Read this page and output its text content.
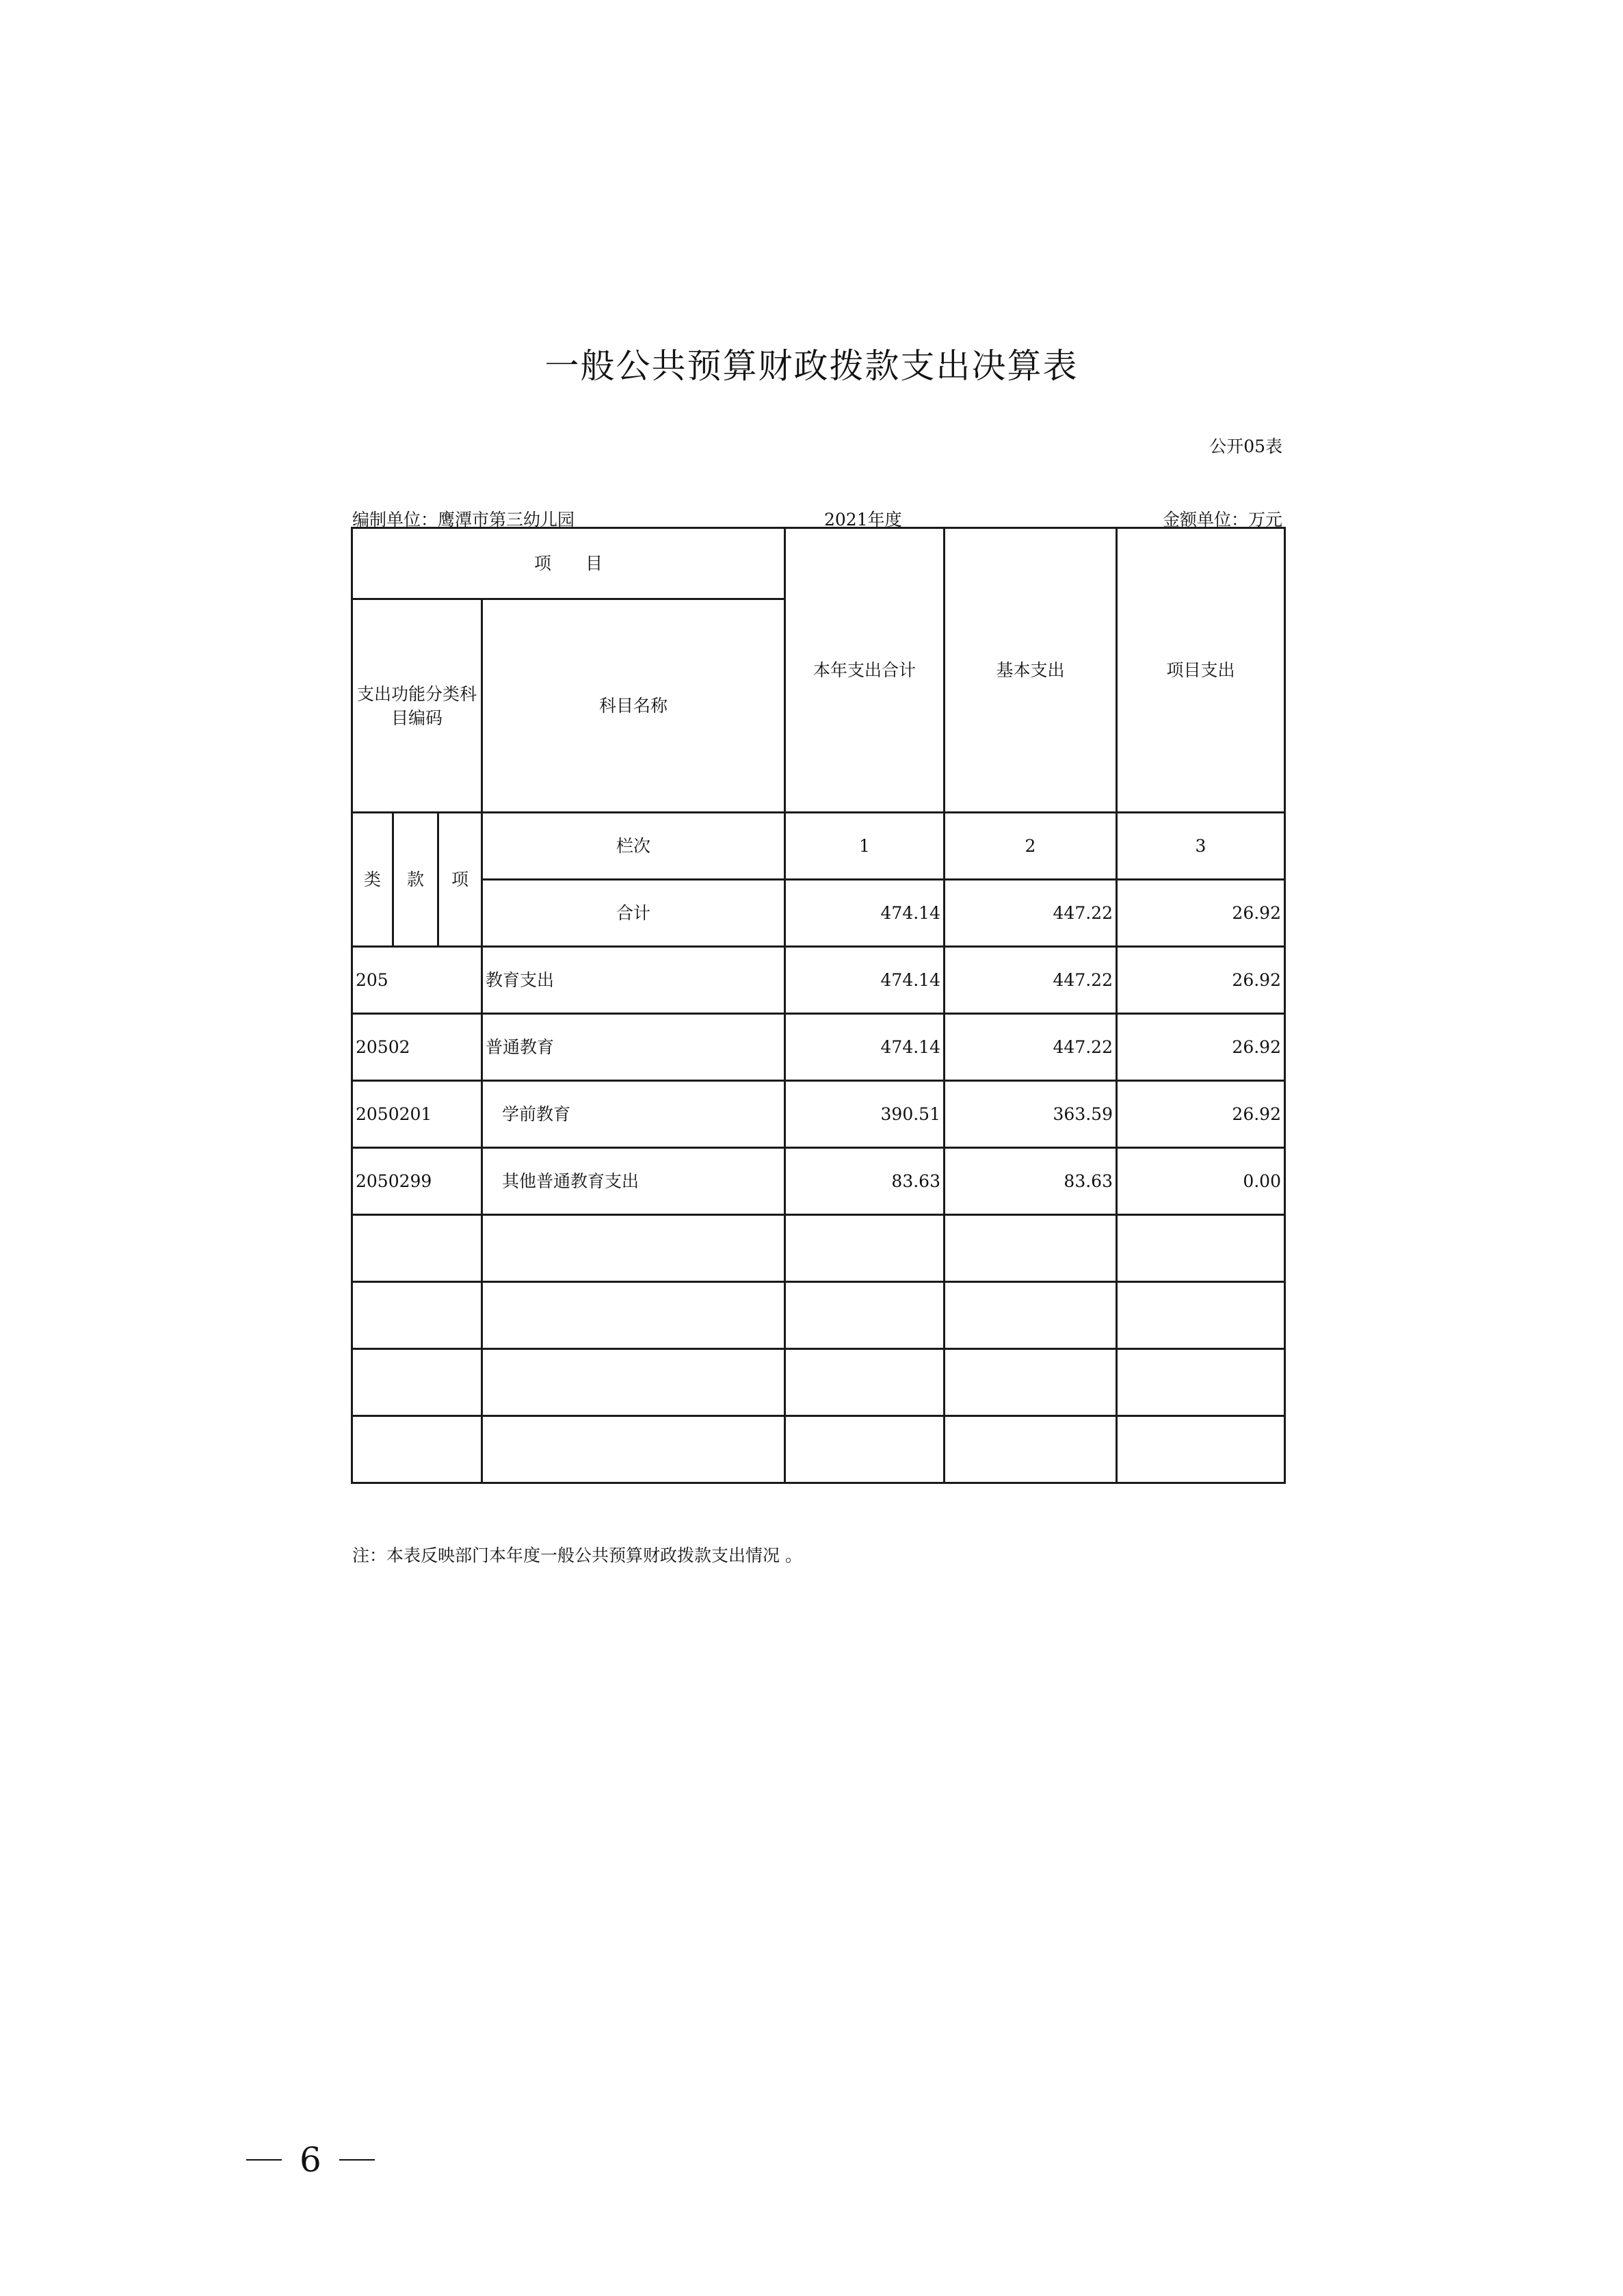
一般公共预算财政拨款支出决算表
公开05表
编制单位：鹰潭市第三幼儿园	2021年度	金额单位：万元
项　　目				本年支出合计	基本支出	项目支出
支出功能分类科目编码			科目名称			
类	款	项	栏次	1	2	3
			合计	474.14	447.22	26.92
205			教育支出	474.14	447.22	26.92
20502			普通教育	474.14	447.22	26.92
2050201			学前教育	390.51	363.59	26.92
2050299			其他普通教育支出	83.63	83.63	0.00

注：本表反映部门本年度一般公共预算财政拨款支出情况 。
6
